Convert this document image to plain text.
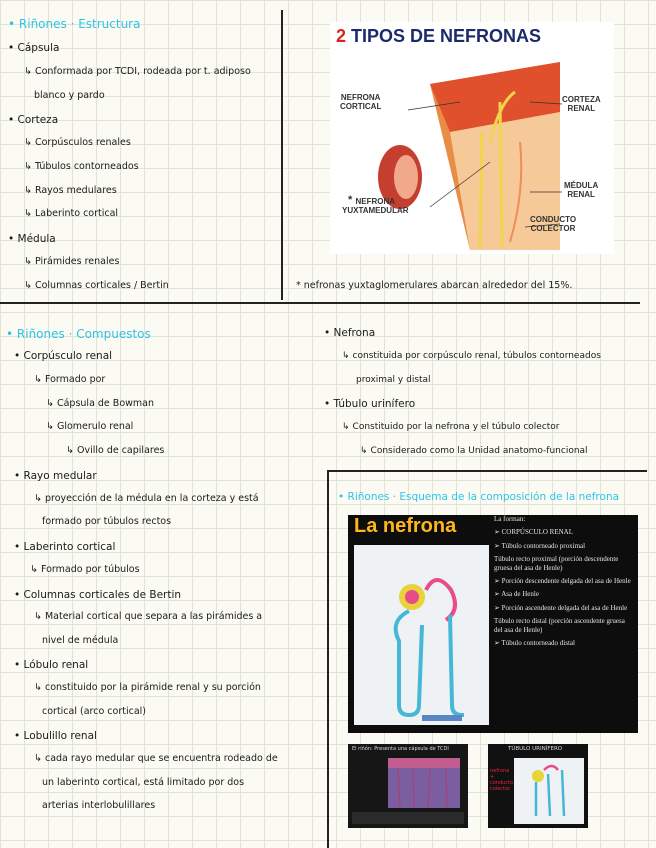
• Riñones · Estructura
• Cápsula
↳ Conformada por TCDI, rodeada por t. adiposo
blanco y pardo
• Corteza
↳ Corpúsculos renales
↳ Túbulos contorneados
↳ Rayos medulares
↳ Laberinto cortical
• Médula
↳ Pirámides renales
↳ Columnas corticales / Bertin	* nefronas yuxtaglomerulares abarcan alrededor del 15%.
2 TIPOS DE NEFRONAS
NEFRONA
CORTICAL
CORTEZA
RENAL
MÉDULA
RENAL
* NEFRONA
YUXTAMEDULAR
CONDUCTO
COLECTOR
• Riñones · Compuestos
• Corpúsculo renal
↳ Formado por
↳ Cápsula de Bowman
↳ Glomerulo renal
↳ Ovillo de capilares
• Rayo medular
↳ proyección de la médula en la corteza y está
formado por túbulos rectos
• Laberinto cortical
↳ Formado por túbulos
• Columnas corticales de Bertin
↳ Material cortical que separa a las pirámides a
nivel de médula
• Lóbulo renal
↳ constituido por la pirámide renal y su porción
cortical (arco cortical)
• Lobulillo renal
↳ cada rayo medular que se encuentra rodeado de
un laberinto cortical, está limitado por dos
arterias interlobulillares
• Nefrona
↳ constituida por corpúsculo renal, túbulos contorneados
proximal y distal
• Túbulo urinífero
↳ Constituido por la nefrona y el túbulo colector
↳ Considerado como la Unidad anatomo-funcional
• Riñones · Esquema de la composición de la nefrona
La nefrona	La forman:
➢ CORPÚSCULO RENAL
➢ Túbulo contorneado proximal
Túbulo recto proximal (porción descendente gruesa del asa de Henle)
➢ Porción descendente delgada del asa de Henle
➢ Asa de Henle
➢ Porción ascendente delgada del asa de Henle
Túbulo recto distal (porción ascendente gruesa del asa de Henle)
➢ Túbulo contorneado distal
El riñón: Presenta una cápsula de TCDI	TÚBULO URINÍFERO
nefrona + conducto colector
